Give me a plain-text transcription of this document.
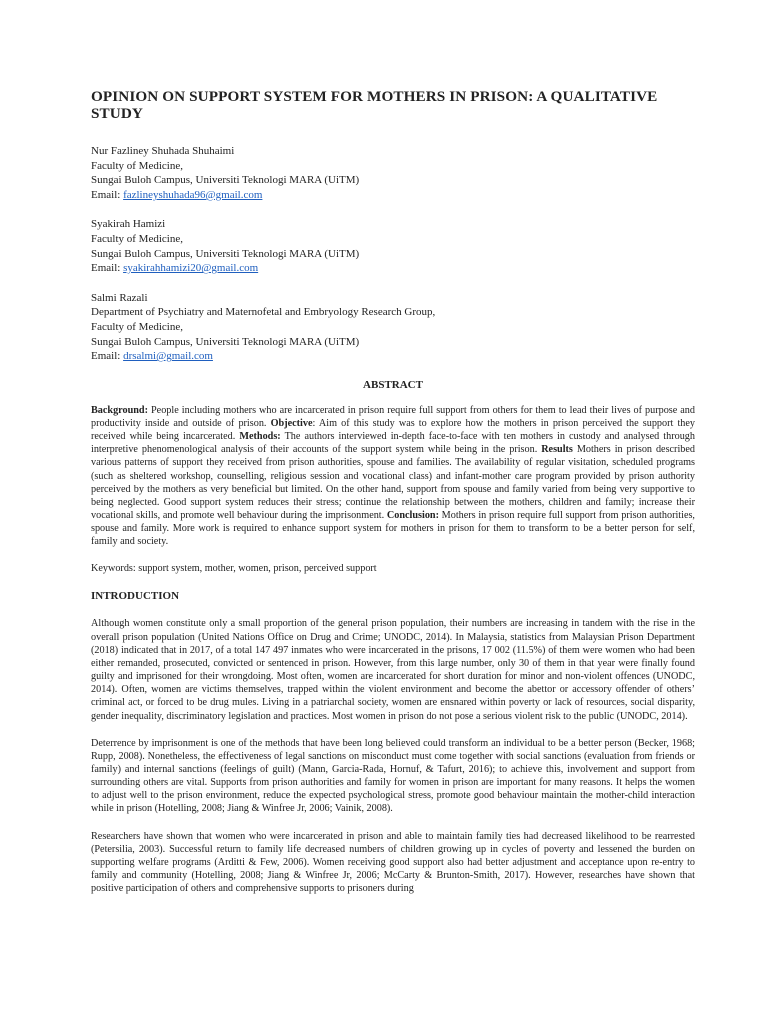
OPINION ON SUPPORT SYSTEM FOR MOTHERS IN PRISON: A QUALITATIVE STUDY
Nur Fazliney Shuhada Shuhaimi
Faculty of Medicine,
Sungai Buloh Campus, Universiti Teknologi MARA (UiTM)
Email: fazlineyshuhada96@gmail.com
Syakirah Hamizi
Faculty of Medicine,
Sungai Buloh Campus, Universiti Teknologi MARA (UiTM)
Email: syakirahhamizi20@gmail.com
Salmi Razali
Department of Psychiatry and Maternofetal and Embryology Research Group,
Faculty of Medicine,
Sungai Buloh Campus, Universiti Teknologi MARA (UiTM)
Email: drsalmi@gmail.com
ABSTRACT

Background: People including mothers who are incarcerated in prison require full support from others for them to lead their lives of purpose and productivity inside and outside of prison. Objective: Aim of this study was to explore how the mothers in prison perceived the support they received while being incarcerated. Methods: The authors interviewed in-depth face-to-face with ten mothers in custody and analysed through interpretive phenomenological analysis of their accounts of the support system while being in the prison. Results Mothers in prison described various patterns of support they received from prison authorities, spouse and families. The availability of regular visitation, scheduled programs (such as sheltered workshop, counselling, religious session and vocational class) and infant-mother care program provided by prison authority perceived by the mothers as very beneficial but limited. On the other hand, support from spouse and family varied from being very supportive to being neglected. Good support system reduces their stress; continue the relationship between the mothers, children and family; increase their vocational skills, and promote well behaviour during the imprisonment. Conclusion: Mothers in prison require full support from prison authorities, spouse and family. More work is required to enhance support system for mothers in prison for them to transform to be a better person for self, family and society.

Keywords: support system, mother, women, prison, perceived support

INTRODUCTION

Although women constitute only a small proportion of the general prison population, their numbers are increasing in tandem with the rise in the overall prison population (United Nations Office on Drug and Crime; UNODC, 2014). In Malaysia, statistics from Malaysian Prison Department (2018) indicated that in 2017, of a total 147 497 inmates who were incarcerated in the prisons, 17 002 (11.5%) of them were women who had been either remanded, prosecuted, convicted or sentenced in prison. However, from this large number, only 30 of them in that year were finally found guilty and imprisoned for their wrongdoing. Most often, women are incarcerated for short duration for minor and non-violent offences (UNODC, 2014). Often, women are victims themselves, trapped within the violent environment and become the abettor or accessory offender of others’ criminal act, or forced to be drug mules. Living in a patriarchal society, women are ensnared within poverty or lack of resources, social disparity, gender inequality, discriminatory legislation and practices. Most women in prison do not pose a serious violent risk to the public (UNODC, 2014).

Deterrence by imprisonment is one of the methods that have been long believed could transform an individual to be a better person (Becker, 1968; Rupp, 2008). Nonetheless, the effectiveness of legal sanctions on misconduct must come together with social sanctions (evaluation from friends or family) and internal sanctions (feelings of guilt) (Mann, Garcia-Rada, Hornuf, & Tafurt, 2016); to achieve this, involvement and support from surrounding others are vital. Supports from prison authorities and family for women in prison are important for many reasons. It helps the women to adjust well to the prison environment, reduce the expected psychological stress, promote good behaviour maintain the mother-child interaction while in prison (Hotelling, 2008; Jiang & Winfree Jr, 2006; Vainik, 2008).

Researchers have shown that women who were incarcerated in prison and able to maintain family ties had decreased likelihood to be rearrested (Petersilia, 2003). Successful return to family life decreased numbers of children growing up in cycles of poverty and lessened the burden on supporting welfare programs (Arditti & Few, 2006). Women receiving good support also had better adjustment and acceptance upon re-entry to family and community (Hotelling, 2008; Jiang & Winfree Jr, 2006; McCarty & Brunton-Smith, 2017). However, researches have shown that positive participation of others and comprehensive supports to prisoners during
